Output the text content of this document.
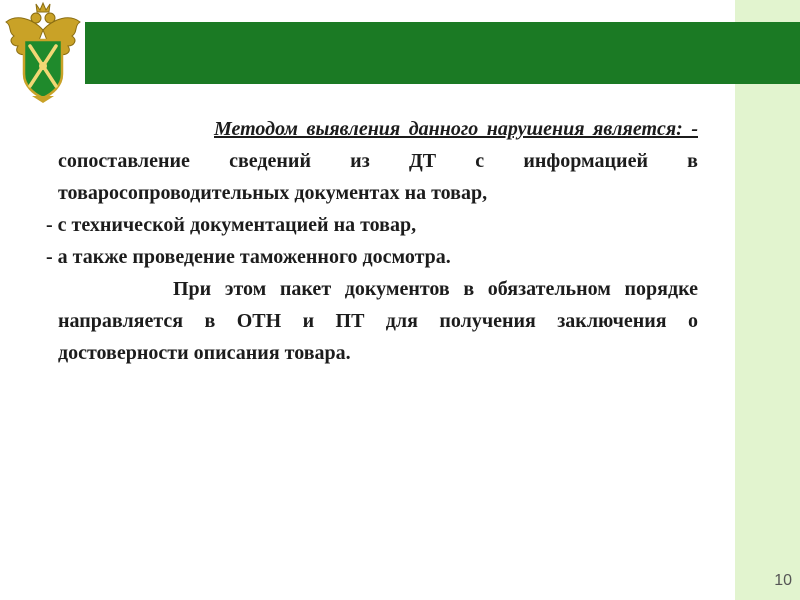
Методом выявления данного нарушения является: - сопоставление сведений из ДТ с информацией в товаросопроводительных документах на товар,

- с технической документацией на товар,
- а также проведение таможенного досмотра.

При этом пакет документов в обязательном порядке направляется в ОТН и ПТ для получения заключения о достоверности описания товара.

10
